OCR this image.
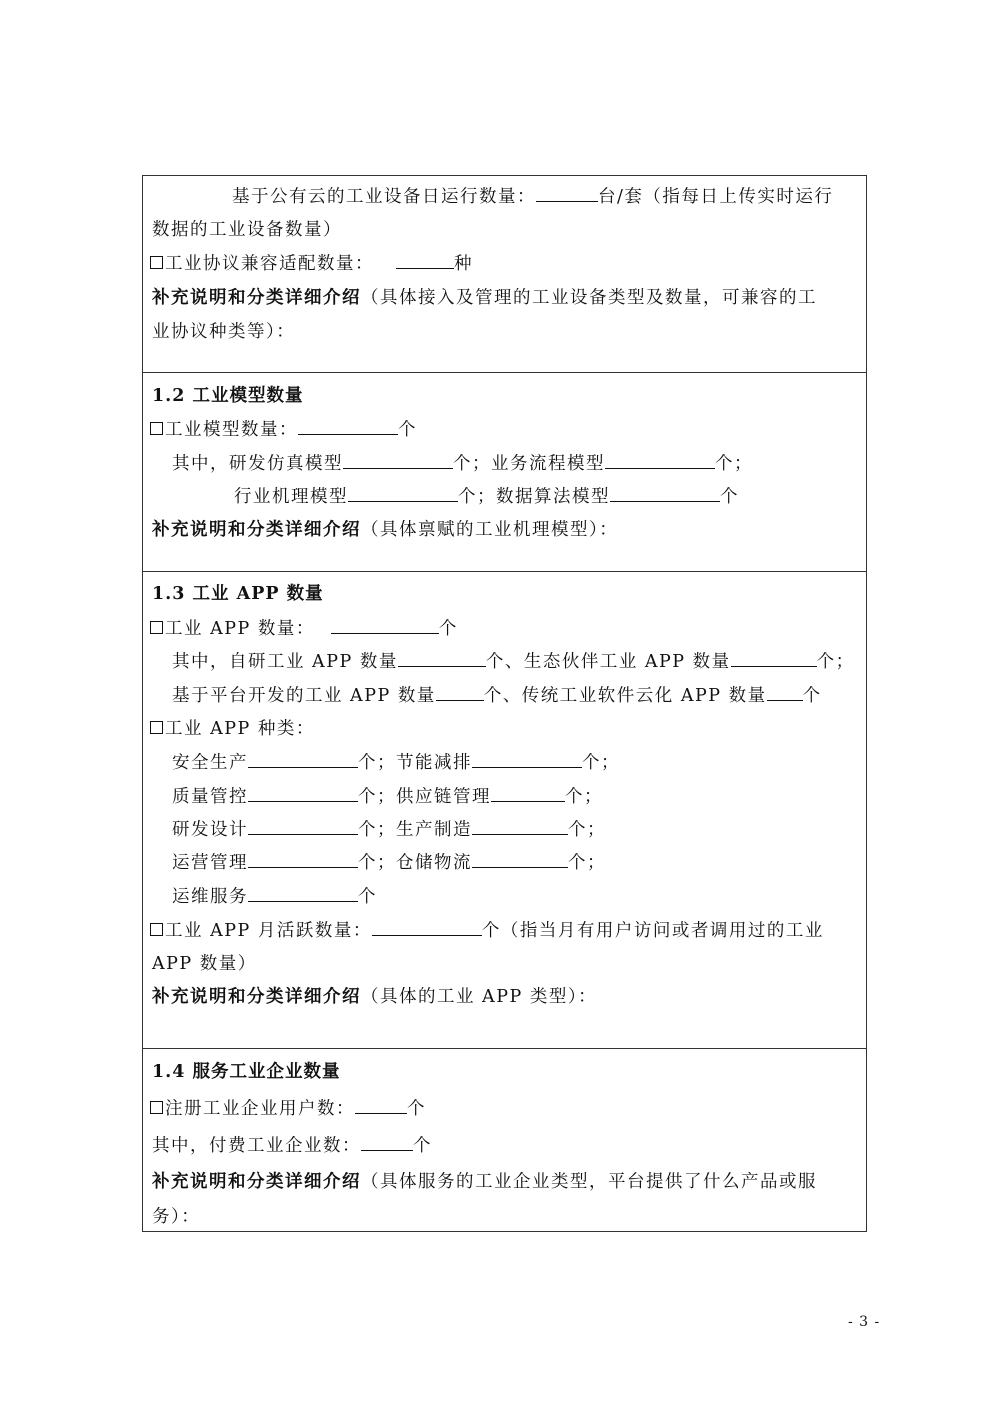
基于公有云的工业设备日运行数量：	台/套（指每日上传实时运行
数据的工业设备数量）
工业协议兼容适配数量：	种
补充说明和分类详细介绍（具体接入及管理的工业设备类型及数量，可兼容的工
业协议种类等）：
1.2 工业模型数量
工业模型数量：	个
其中，研发仿真模型	个；业务流程模型	个；
行业机理模型	个；数据算法模型	个
补充说明和分类详细介绍（具体禀赋的工业机理模型）：
1.3 工业 APP 数量
工业 APP 数量：	个
其中，自研工业 APP 数量	个、生态伙伴工业 APP 数量	个；
基于平台开发的工业 APP 数量	个、传统工业软件云化 APP 数量 个
工业 APP 种类：
安全生产	个；节能减排	个；
质量管控	个；供应链管理	个；
研发设计	个；生产制造	个；
运营管理	个；仓储物流	个；
运维服务	个
工业 APP 月活跃数量：	个（指当月有用户访问或者调用过的工业
APP 数量）
补充说明和分类详细介绍（具体的工业 APP 类型）：
1.4 服务工业企业数量
注册工业企业用户数：	个
其中，付费工业企业数：	个
补充说明和分类详细介绍（具体服务的工业企业类型，平台提供了什么产品或服
务）：
- 3 -
